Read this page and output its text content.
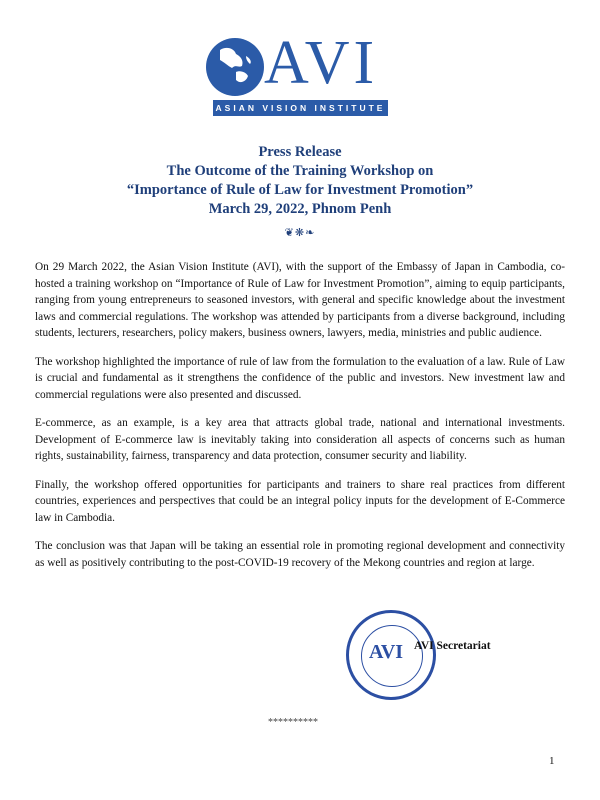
AVI
ASIAN VISION INSTITUTE
Press Release
The Outcome of the Training Workshop on
“Importance of Rule of Law for Investment Promotion”
March 29, 2022, Phnom Penh
❦❋❧

On 29 March 2022, the Asian Vision Institute (AVI), with the support of the Embassy of Japan in Cambodia, co-hosted a training workshop on “Importance of Rule of Law for Investment Promotion”, aiming to equip participants, ranging from young entrepreneurs to seasoned investors, with general and specific knowledge about the investment laws and commercial regulations. The workshop was attended by participants from a diverse background, including students, lecturers, researchers, policy makers, business owners, lawyers, media, ministries and public audience.

The workshop highlighted the importance of rule of law from the formulation to the evaluation of a law. Rule of Law is crucial and fundamental as it strengthens the confidence of the public and investors. New investment law and commercial regulations were also presented and discussed.

E-commerce, as an example, is a key area that attracts global trade, national and international investments. Development of E-commerce law is inevitably taking into consideration all aspects of concerns such as human rights, sustainability, fairness, transparency and data protection, consumer security and liability.

Finally, the workshop offered opportunities for participants and trainers to share real practices from different countries, experiences and perspectives that could be an integral policy inputs for the development of E-Commerce law in Cambodia.

The conclusion was that Japan will be taking an essential role in promoting regional development and connectivity as well as positively contributing to the post-COVID-19 recovery of the Mekong countries and region at large.

AVI AVI Secretariat
**********
1
